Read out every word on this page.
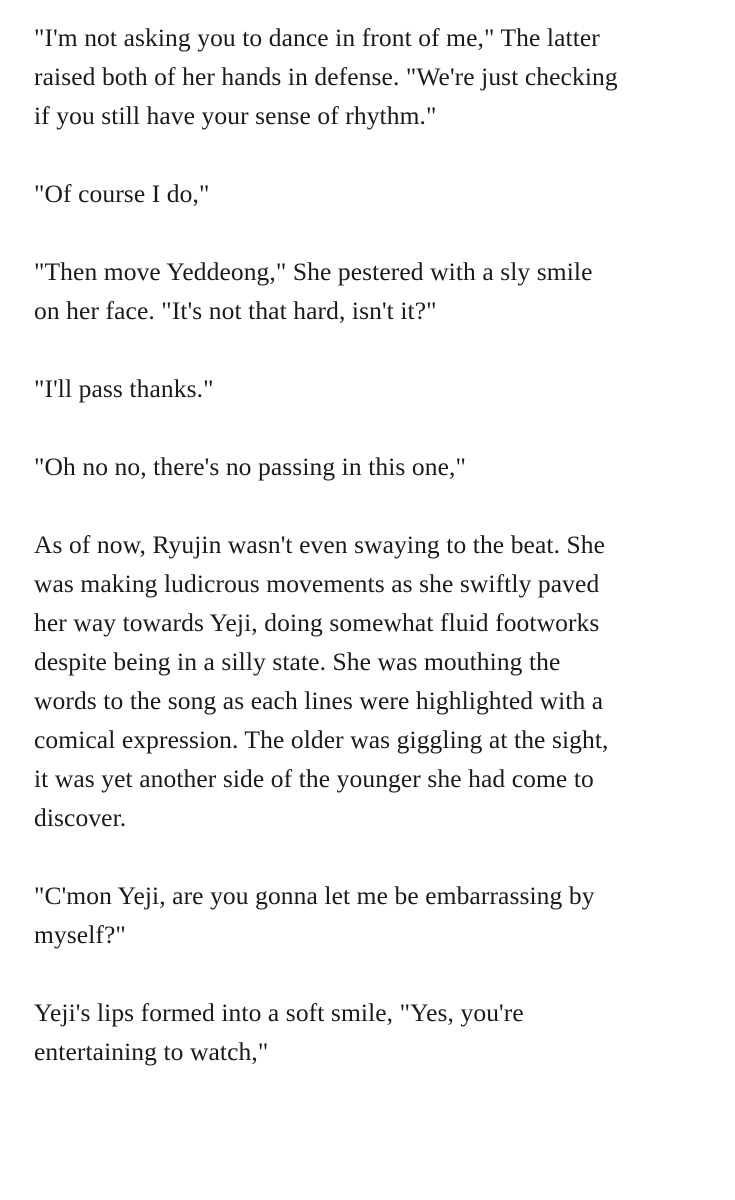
"I'm not asking you to dance in front of me," The latter
raised both of her hands in defense. "We're just checking
if you still have your sense of rhythm."

"Of course I do,"

"Then move Yeddeong," She pestered with a sly smile
on her face. "It's not that hard, isn't it?"

"I'll pass thanks."

"Oh no no, there's no passing in this one,"

As of now, Ryujin wasn't even swaying to the beat. She
was making ludicrous movements as she swiftly paved
her way towards Yeji, doing somewhat fluid footworks
despite being in a silly state. She was mouthing the
words to the song as each lines were highlighted with a
comical expression. The older was giggling at the sight,
it was yet another side of the younger she had come to
discover.

"C'mon Yeji, are you gonna let me be embarrassing by
myself?"

Yeji's lips formed into a soft smile, "Yes, you're
entertaining to watch,"
